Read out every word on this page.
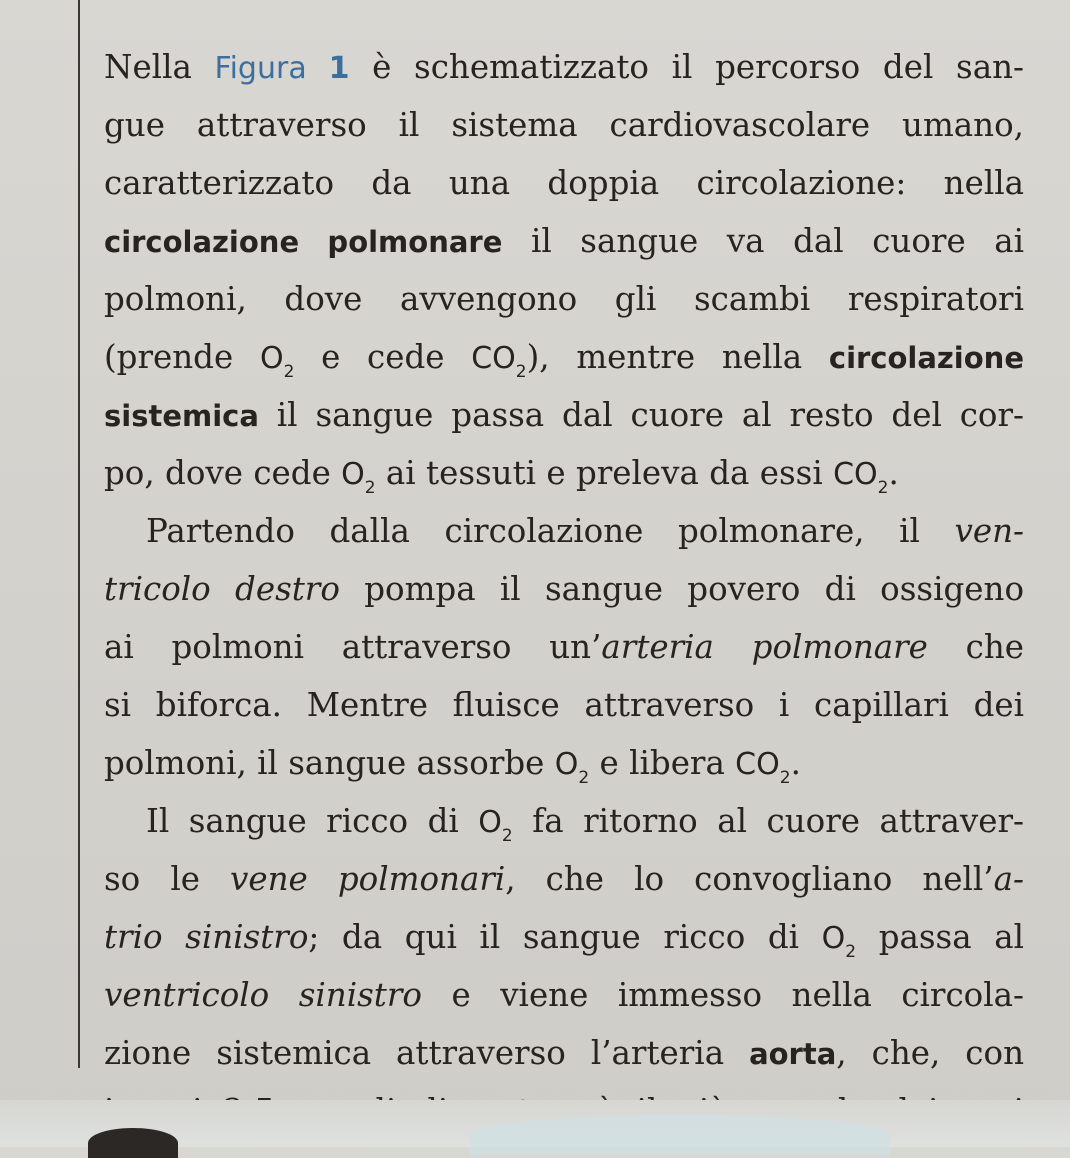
Nella Figura 1 è schematizzato il percorso del san-
gue attraverso il sistema cardiovascolare umano,
caratterizzato da una doppia circolazione: nella
circolazione polmonare il sangue va dal cuore ai
polmoni, dove avvengono gli scambi respiratori
(prende $O_2$ e cede $CO_2$), mentre nella circolazione
sistemica il sangue passa dal cuore al resto del cor-
po, dove cede $O_2$ ai tessuti e preleva da essi $CO_2$.
Partendo dalla circolazione polmonare, il ven-
tricolo destro pompa il sangue povero di ossigeno
ai polmoni attraverso un’arteria polmonare che
si biforca. Mentre fluisce attraverso i capillari dei
polmoni, il sangue assorbe $O_2$ e libera $CO_2$.
Il sangue ricco di $O_2$ fa ritorno al cuore attraver-
so le vene polmonari, che lo convogliano nell’a-
trio sinistro; da qui il sangue ricco di $O_2$ passa al
ventricolo sinistro e viene immesso nella circola-
zione sistemica attraverso l’arteria aorta, che, con
